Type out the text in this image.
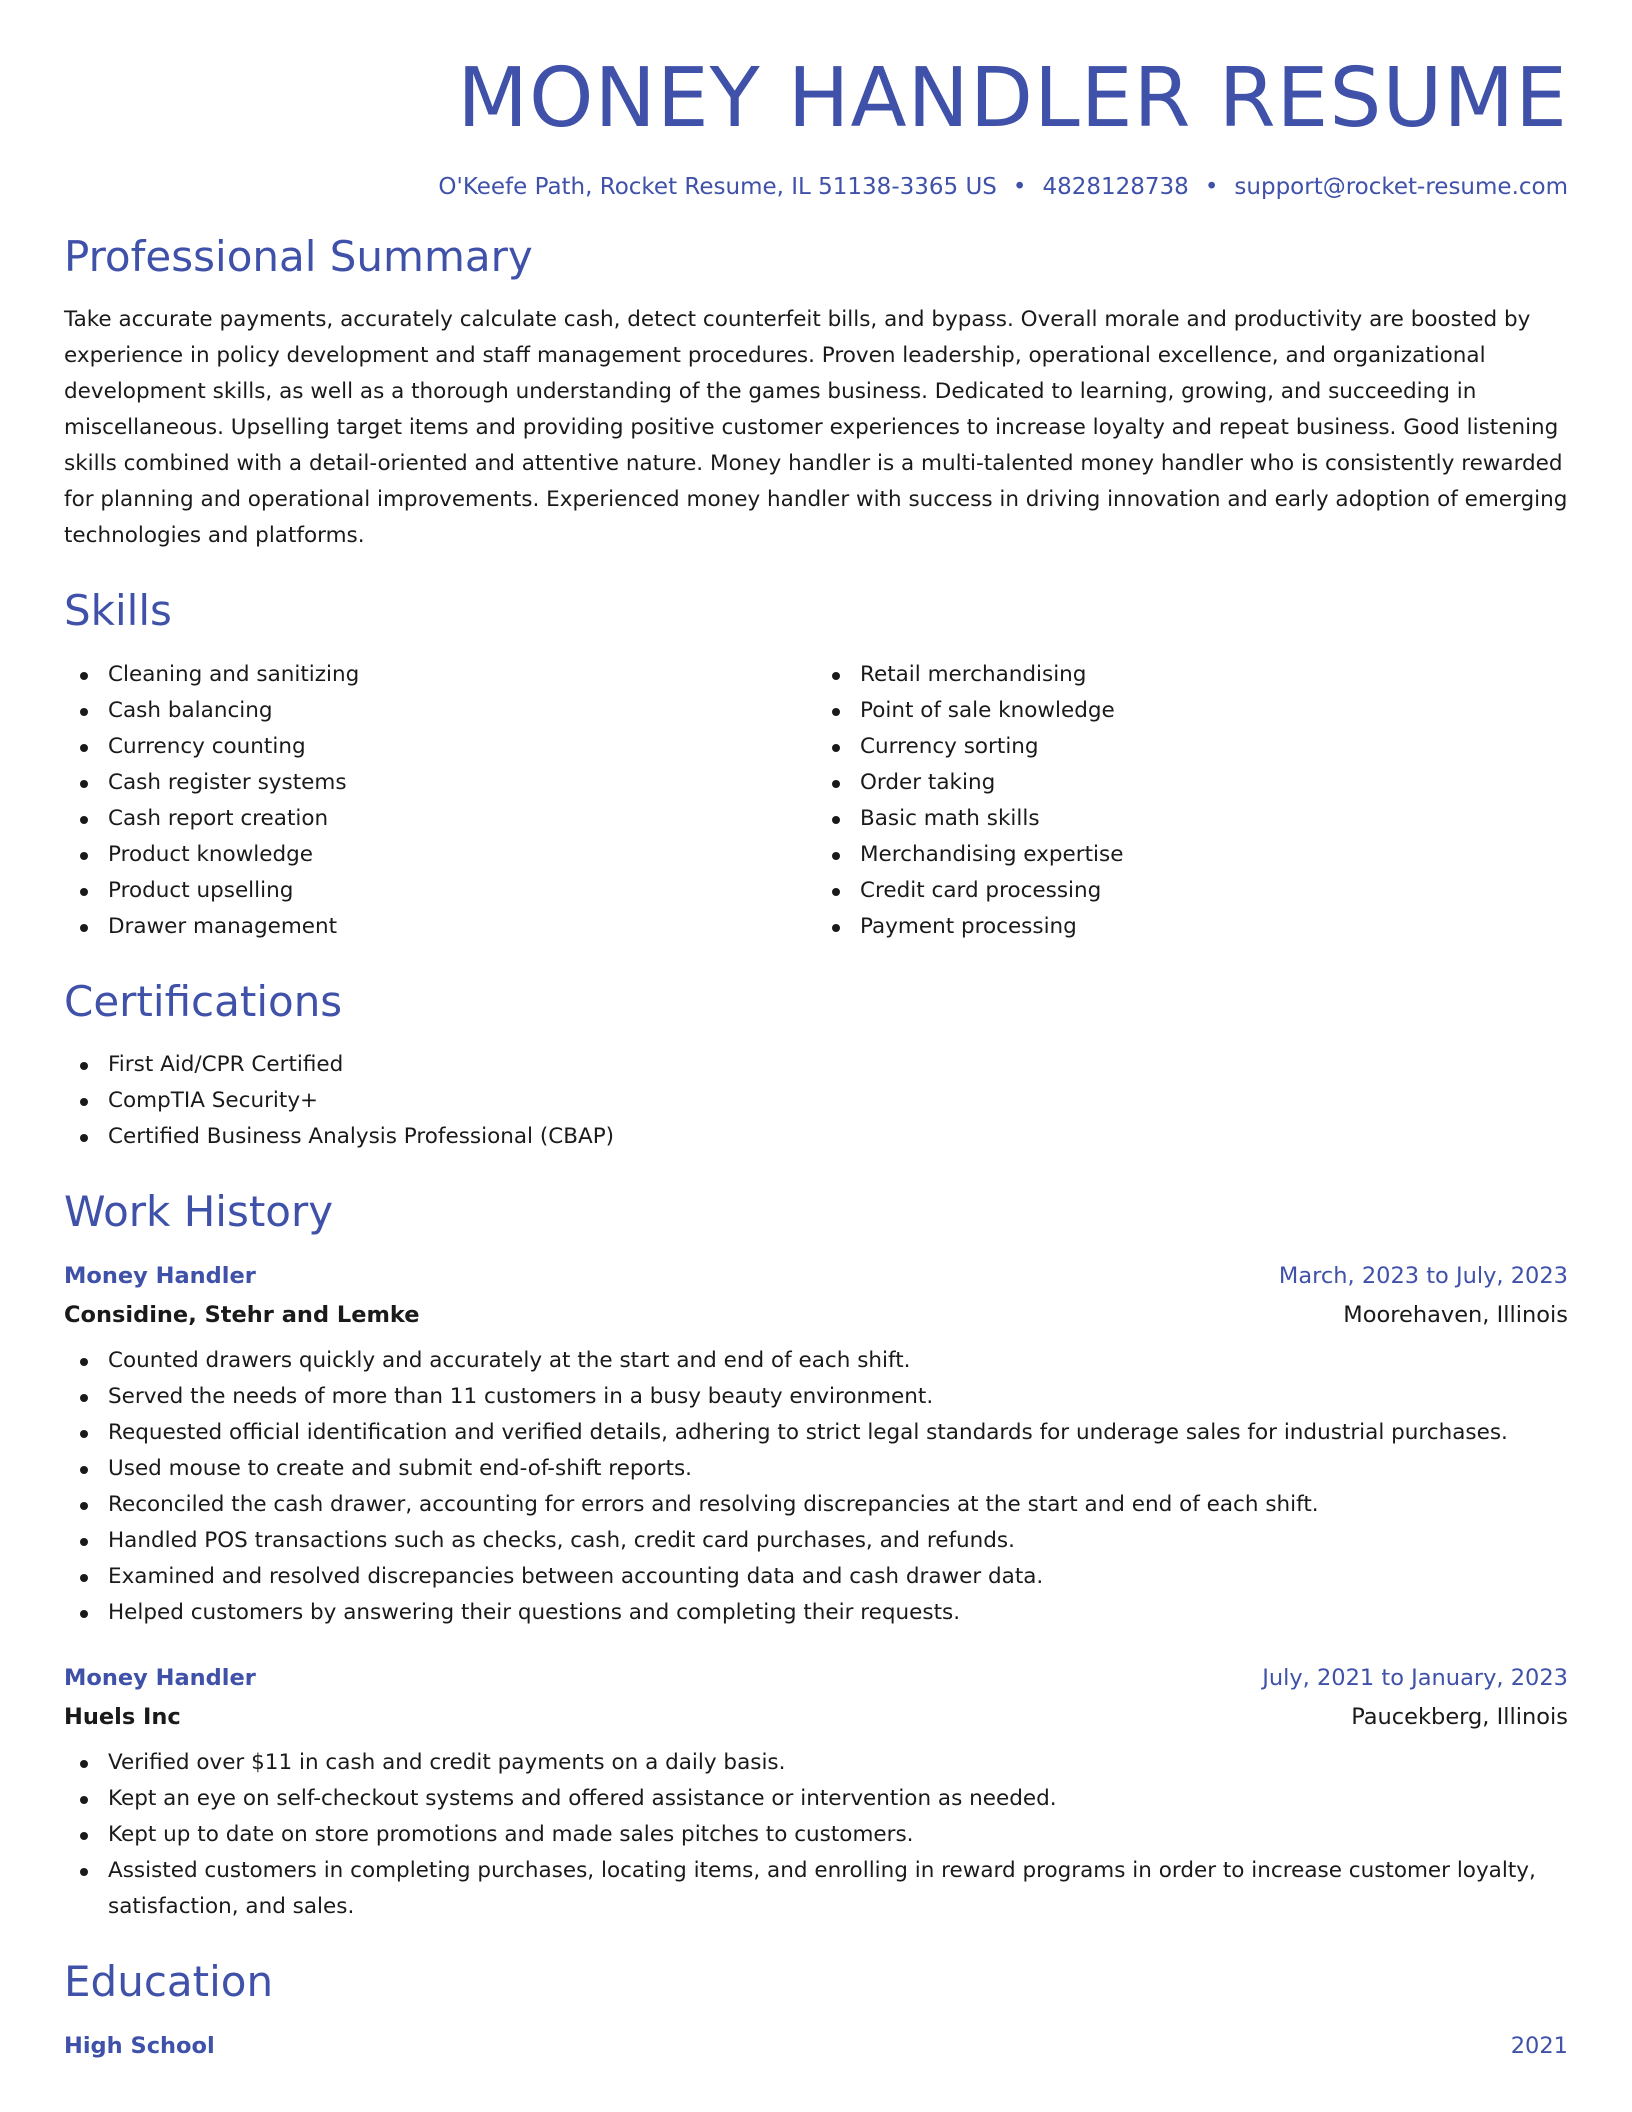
MONEY HANDLER RESUME
O'Keefe Path, Rocket Resume, IL 51138-3365 US • 4828128738 • support@rocket-resume.com
Professional Summary

Take accurate payments, accurately calculate cash, detect counterfeit bills, and bypass. Overall morale and productivity are boosted by experience in policy development and staff management procedures. Proven leadership, operational excellence, and organizational development skills, as well as a thorough understanding of the games business. Dedicated to learning, growing, and succeeding in miscellaneous. Upselling target items and providing positive customer experiences to increase loyalty and repeat business. Good listening skills combined with a detail-oriented and attentive nature. Money handler is a multi-talented money handler who is consistently rewarded for planning and operational improvements. Experienced money handler with success in driving innovation and early adoption of emerging technologies and platforms.

Skills
Cleaning and sanitizing
Cash balancing
Currency counting
Cash register systems
Cash report creation
Product knowledge
Product upselling
Drawer management
Retail merchandising
Point of sale knowledge
Currency sorting
Order taking
Basic math skills
Merchandising expertise
Credit card processing
Payment processing
Certifications
First Aid/CPR Certified
CompTIA Security+
Certified Business Analysis Professional (CBAP)
Work History
Money Handler	March, 2023 to July, 2023
Considine, Stehr and Lemke	Moorehaven, Illinois
Counted drawers quickly and accurately at the start and end of each shift.
Served the needs of more than 11 customers in a busy beauty environment.
Requested official identification and verified details, adhering to strict legal standards for underage sales for industrial purchases.
Used mouse to create and submit end-of-shift reports.
Reconciled the cash drawer, accounting for errors and resolving discrepancies at the start and end of each shift.
Handled POS transactions such as checks, cash, credit card purchases, and refunds.
Examined and resolved discrepancies between accounting data and cash drawer data.
Helped customers by answering their questions and completing their requests.
Money Handler	July, 2021 to January, 2023
Huels Inc	Paucekberg, Illinois
Verified over $11 in cash and credit payments on a daily basis.
Kept an eye on self-checkout systems and offered assistance or intervention as needed.
Kept up to date on store promotions and made sales pitches to customers.
Assisted customers in completing purchases, locating items, and enrolling in reward programs in order to increase customer loyalty, satisfaction, and sales.
Education
High School	2021
